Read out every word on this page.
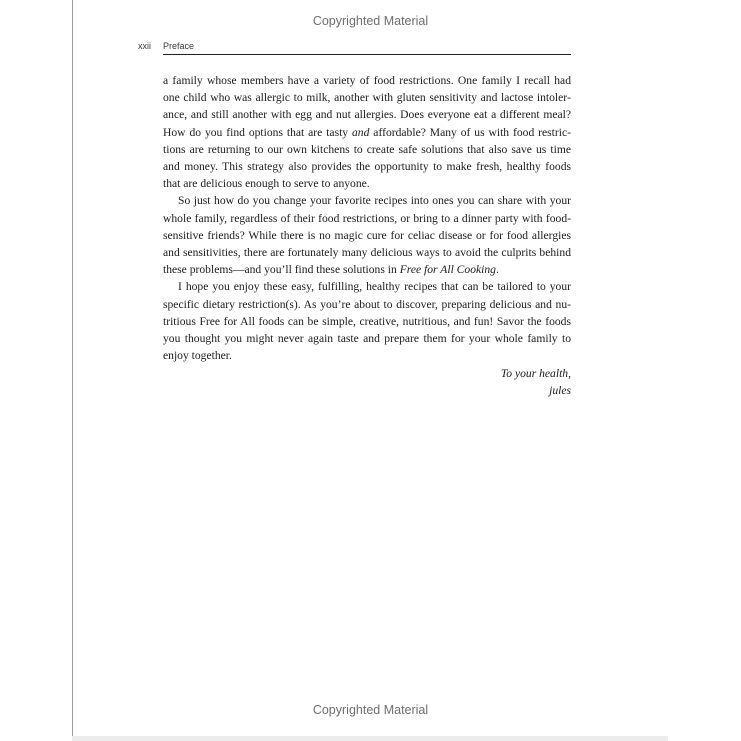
Copyrighted Material
xxii Preface

a family whose members have a variety of food restrictions. One family I recall had one child who was allergic to milk, another with gluten sensitivity and lactose intolerance, and still another with egg and nut allergies. Does everyone eat a different meal? How do you find options that are tasty and affordable? Many of us with food restrictions are returning to our own kitchens to create safe solutions that also save us time and money. This strategy also provides the opportunity to make fresh, healthy foods that are delicious enough to serve to anyone.

So just how do you change your favorite recipes into ones you can share with your whole family, regardless of their food restrictions, or bring to a dinner party with food-sensitive friends? While there is no magic cure for celiac disease or for food allergies and sensitivities, there are fortunately many delicious ways to avoid the culprits behind these problems—and you’ll find these solutions in Free for All Cooking.

I hope you enjoy these easy, fulfilling, healthy recipes that can be tailored to your specific dietary restriction(s). As you’re about to discover, preparing delicious and nutritious Free for All foods can be simple, creative, nutritious, and fun! Savor the foods you thought you might never again taste and prepare them for your whole family to enjoy together.

To your health,
jules
Copyrighted Material
